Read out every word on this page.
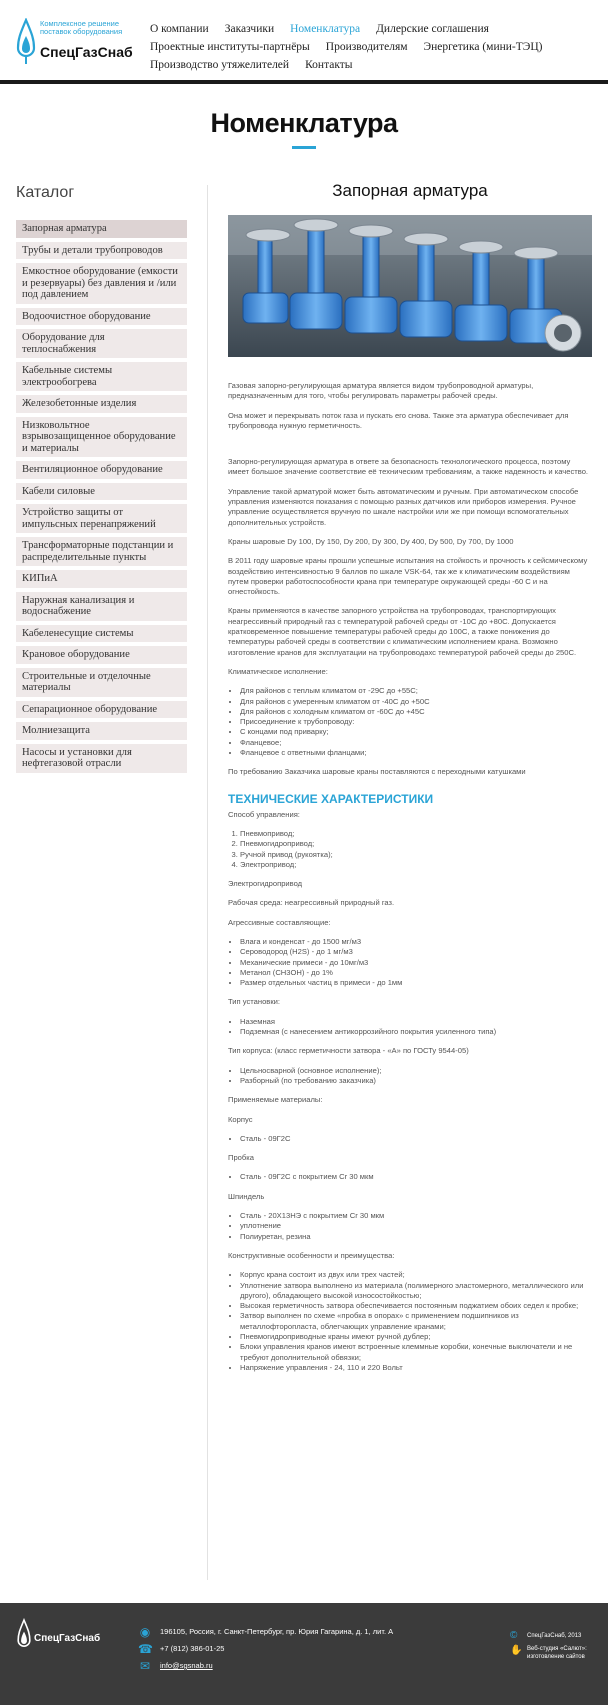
Комплексное решение поставок оборудования
СпецГазСнаб
О компании Заказчики Номенклатура Дилерские соглашенияПроектные институты-партнёры Производителям Энергетика (мини-ТЭЦ)Производство утяжелителей Контакты
Номенклатура
Каталог
Запорная арматура
Трубы и детали трубопроводов
Емкостное оборудование (емкости и резервуары) без давления и /или под давлением
Водоочистное оборудование
Оборудование для теплоснабжения
Кабельные системы электрообогрева
Железобетонные изделия
Низковольтное взрывозащищенное оборудование и материалы
Вентиляционное оборудование
Кабели силовые
Устройство защиты от импульсных перенапряжений
Трансформаторные подстанции и распределительные пункты
КИПиА
Наружная канализация и водоснабжение
Кабеленесущие системы
Крановое оборудование
Строительные и отделочные материалы
Сепарационное оборудование
Молниезащита
Насосы и установки для нефтегазовой отрасли
Запорная арматура

Газовая запорно-регулирующая арматура является видом трубопроводной арматуры, предназначенным для того, чтобы регулировать параметры рабочей среды.

Она может и перекрывать поток газа и пускать его снова. Также эта арматура обеспечивает для трубопровода нужную герметичность.

Запорно-регулирующая арматура в ответе за безопасность технологического процесса, поэтому имеет большое значение соответствие её техническим требованиям, а также надежность и качество.

Управление такой арматурой может быть автоматическим и ручным. При автоматическом способе управления изменяются показания с помощью разных датчиков или приборов измерения. Ручное управление осуществляется вручную по шкале настройки или же при помощи вспомогательных дополнительных устройств.

Краны шаровые Dy 100, Dy 150, Dy 200, Dy 300, Dy 400, Dy 500, Dy 700, Dy 1000

В 2011 году шаровые краны прошли успешные испытания на стойкость и прочность к сейсмическому воздействию интенсивностью 9 баллов по шкале VSK-64, так же к климатическим воздействиям путем проверки работоспособности крана при температуре окружающей среды -60 С и на огнестойкость.

Краны применяются в качестве запорного устройства на трубопроводах, транспортирующих неагрессивный природный газ с температурой рабочей среды от -10С до +80С. Допускается кратковременное повышение температуры рабочей среды до 100С, а также понижения до температуры рабочей среды в соответствии с климатическим исполнением крана. Возможно изготовление кранов для эксплуатации на трубопроводахс температурой рабочей среды до 250С.

Климатическое исполнение:

• Для районов с теплым климатом от -29С до +55С;
• Для районов с умеренным климатом от -40С до +50С
• Для районов с холодным климатом от -60С до +45С
• Присоединение к трубопроводу:
• С концами под приварку;
• Фланцевое;
• Фланцевое с ответными фланцами;

По требованию Заказчика шаровые краны поставляются с переходными катушками

ТЕХНИЧЕСКИЕ ХАРАКТЕРИСТИКИ

Способ управления:

1. Пневмопривод;
2. Пневмогидропривод;
3. Ручной привод (рукоятка);
4. Электропривод;

Электрогидропривод

Рабочая среда: неагрессивный природный газ.

Агрессивные составляющие:

• Влага и конденсат - до 1500 мг/м3
• Сероводород (H2S) - до 1 мг/м3
• Механические примеси - до 10мг/м3
• Метанол (CH3OH) - до 1%
• Размер отдельных частиц в примеси - до 1мм

Тип установки:

• Наземная
• Подземная (с нанесением антикоррозийного покрытия усиленного типа)

Тип корпуса: (класс герметичности затвора - «А» по ГОСТу 9544-05)

• Цельносварной (основное исполнение);
• Разборный (по требованию заказчика)

Применяемые материалы:

Корпус

• Сталь - 09Г2С

Пробка

• Сталь - 09Г2С с покрытием Cr 30 мкм

Шпиндель

• Сталь - 20Х13НЭ с покрытием Cr 30 мкм
• уплотнение
• Полиуретан, резина

Конструктивные особенности и преимущества:

• Корпус крана состоит из двух или трех частей;
• Уплотнение затвора выполнено из материала (полимерного эластомерного, металлического или другого), обладающего высокой износостойкостью;
• Высокая герметичность затвора обеспечивается постоянным поджатием обоих седел к пробке;
• Затвор выполнен по схеме «пробка в опорах» с применением подшипников из металлофторопласта, облегчающих управление кранами;
• Пневмогидроприводные краны имеют ручной дублер;
• Блоки управления кранов имеют встроенные клеммные коробки, конечные выключатели и не требуют дополнительной обвязки;
• Напряжение управления - 24, 110 и 220 Вольт
СпецГазСнаб	◉ 196105, Россия, г. Санкт-Петербург, пр. Юрия Гагарина, д. 1, лит. А
☎ +7 (812) 386-01-25
✉ info@sgsnab.ru
© СпецГазСнаб, 2013
✋ Веб-студия «Салют»:
изготовление сайтов
